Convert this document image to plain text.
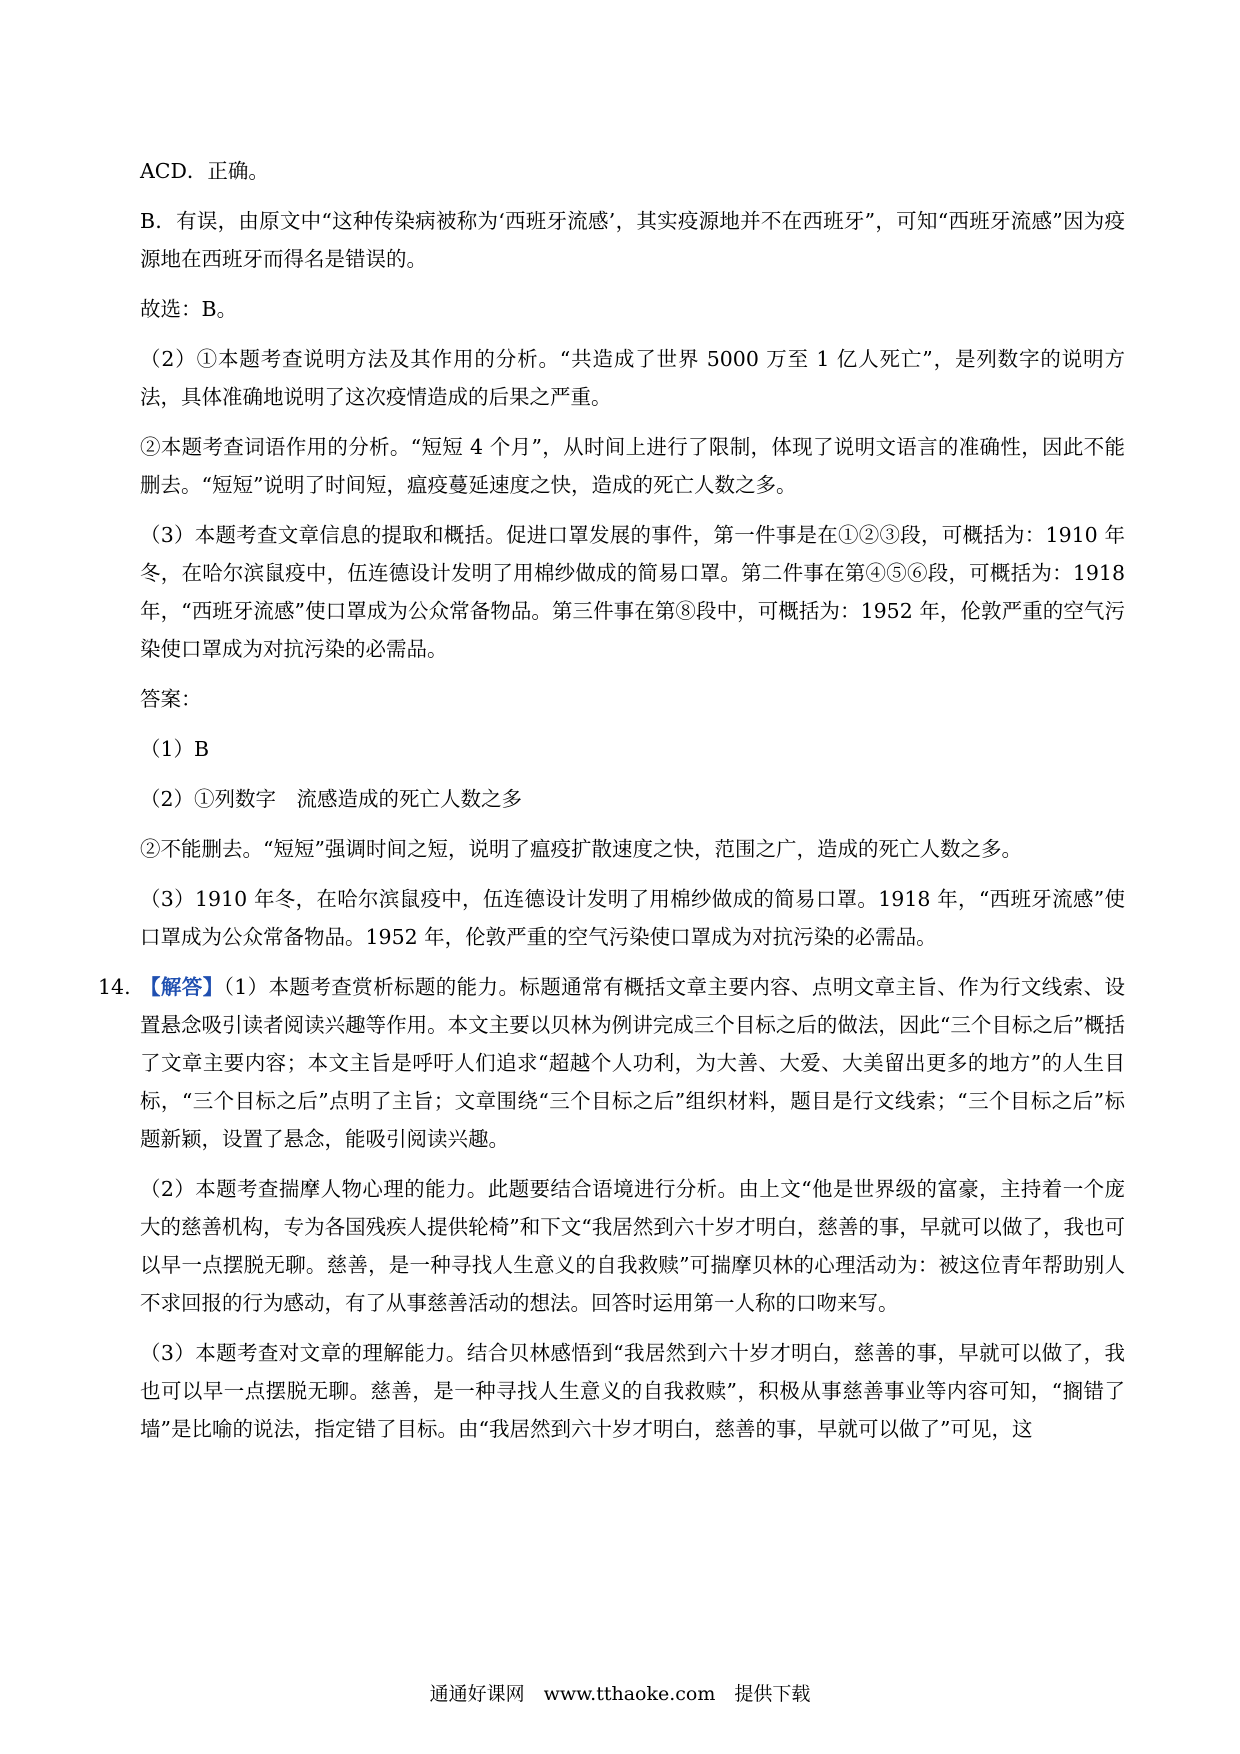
ACD．正确。

B．有误，由原文中“这种传染病被称为‘西班牙流感’，其实疫源地并不在西班牙”，可知“西班牙流感”因为疫源地在西班牙而得名是错误的。

故选：B。

（2）①本题考查说明方法及其作用的分析。“共造成了世界 5000 万至 1 亿人死亡”，是列数字的说明方法，具体准确地说明了这次疫情造成的后果之严重。

②本题考查词语作用的分析。“短短 4 个月”，从时间上进行了限制，体现了说明文语言的准确性，因此不能删去。“短短”说明了时间短，瘟疫蔓延速度之快，造成的死亡人数之多。

（3）本题考查文章信息的提取和概括。促进口罩发展的事件，第一件事是在①②③段，可概括为：1910 年冬，在哈尔滨鼠疫中，伍连德设计发明了用棉纱做成的简易口罩。第二件事在第④⑤⑥段，可概括为：1918 年，“西班牙流感”使口罩成为公众常备物品。第三件事在第⑧段中，可概括为：1952 年，伦敦严重的空气污染使口罩成为对抗污染的必需品。

答案：

（1）B

（2）①列数字　流感造成的死亡人数之多

②不能删去。“短短”强调时间之短，说明了瘟疫扩散速度之快，范围之广，造成的死亡人数之多。

（3）1910 年冬，在哈尔滨鼠疫中，伍连德设计发明了用棉纱做成的简易口罩。1918 年，“西班牙流感”使口罩成为公众常备物品。1952 年，伦敦严重的空气污染使口罩成为对抗污染的必需品。

14. 【解答】（1）本题考查赏析标题的能力。标题通常有概括文章主要内容、点明文章主旨、作为行文线索、设置悬念吸引读者阅读兴趣等作用。本文主要以贝林为例讲完成三个目标之后的做法，因此“三个目标之后”概括了文章主要内容；本文主旨是呼吁人们追求“超越个人功利，为大善、大爱、大美留出更多的地方”的人生目标，“三个目标之后”点明了主旨；文章围绕“三个目标之后”组织材料，题目是行文线索；“三个目标之后”标题新颖，设置了悬念，能吸引阅读兴趣。

（2）本题考查揣摩人物心理的能力。此题要结合语境进行分析。由上文“他是世界级的富豪，主持着一个庞大的慈善机构，专为各国残疾人提供轮椅”和下文“我居然到六十岁才明白，慈善的事，早就可以做了，我也可以早一点摆脱无聊。慈善，是一种寻找人生意义的自我救赎”可揣摩贝林的心理活动为：被这位青年帮助别人不求回报的行为感动，有了从事慈善活动的想法。回答时运用第一人称的口吻来写。

（3）本题考查对文章的理解能力。结合贝林感悟到“我居然到六十岁才明白，慈善的事，早就可以做了，我也可以早一点摆脱无聊。慈善，是一种寻找人生意义的自我救赎”，积极从事慈善事业等内容可知，“搁错了墙”是比喻的说法，指定错了目标。由“我居然到六十岁才明白，慈善的事，早就可以做了”可见，这

通通好课网　www.tthaoke.com　提供下载
